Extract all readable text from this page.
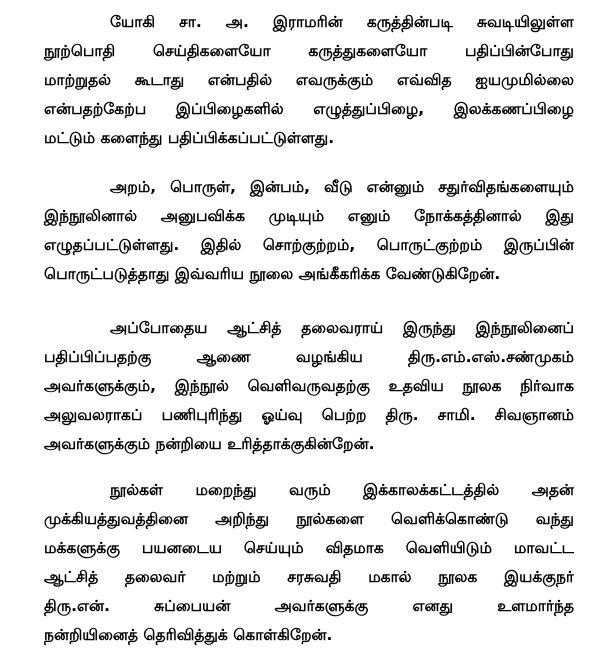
யோகி சா. அ. இராமரின் கருத்தின்படி சுவடியிலுள்ள
நூற்பொதி செய்திகளையோ கருத்துகளையோ பதிப்பின்போது
மாற்றுதல் கூடாது என்பதில் எவருக்கும் எவ்வித ஐயமுமில்லை
என்பதற்கேற்ப இப்பிழைகளில் எழுத்துப்பிழை, இலக்கணப்பிழை
மட்டும் களைந்து பதிப்பிக்கப்பட்டுள்ளது.
அறம், பொருள், இன்பம், வீடு என்னும் சதுர்விதங்களையும்
இந்நூலினால் அனுபவிக்க முடியும் எனும் நோக்கத்தினால் இது
எழுதப்பட்டுள்ளது. இதில் சொற்குற்றம், பொருட்குற்றம் இருப்பின்
பொருட்படுத்தாது இவ்வரிய நூலை அங்கீகரிக்க வேண்டுகிறேன்.
அப்போதைய ஆட்சித் தலைவராய் இருந்து இந்நூலினைப்
பதிப்பிப்பதற்கு ஆணை வழங்கிய திரு.எம்.எஸ்.சண்முகம்
அவர்களுக்கும், இந்நூல் வெளிவருவதற்கு உதவிய நூலக நிர்வாக
அலுவலராகப் பணிபுரிந்து ஓய்வு பெற்ற திரு. சாமி. சிவஞானம்
அவர்களுக்கும் நன்றியை உரித்தாக்குகின்றேன்.
நூல்கள் மறைந்து வரும் இக்காலக்கட்டத்தில் அதன்
முக்கியத்துவத்தினை அறிந்து நூல்களை வெளிக்கொண்டு வந்து
மக்களுக்கு பயனடைய செய்யும் விதமாக வெளியிடும் மாவட்ட
ஆட்சித் தலைவர் மற்றும் சரசுவதி மகால் நூலக இயக்குநர்
திரு.என். சுப்பையன் அவர்களுக்கு எனது உளமார்ந்த
நன்றியினைத் தெரிவித்துக் கொள்கிறேன்.
